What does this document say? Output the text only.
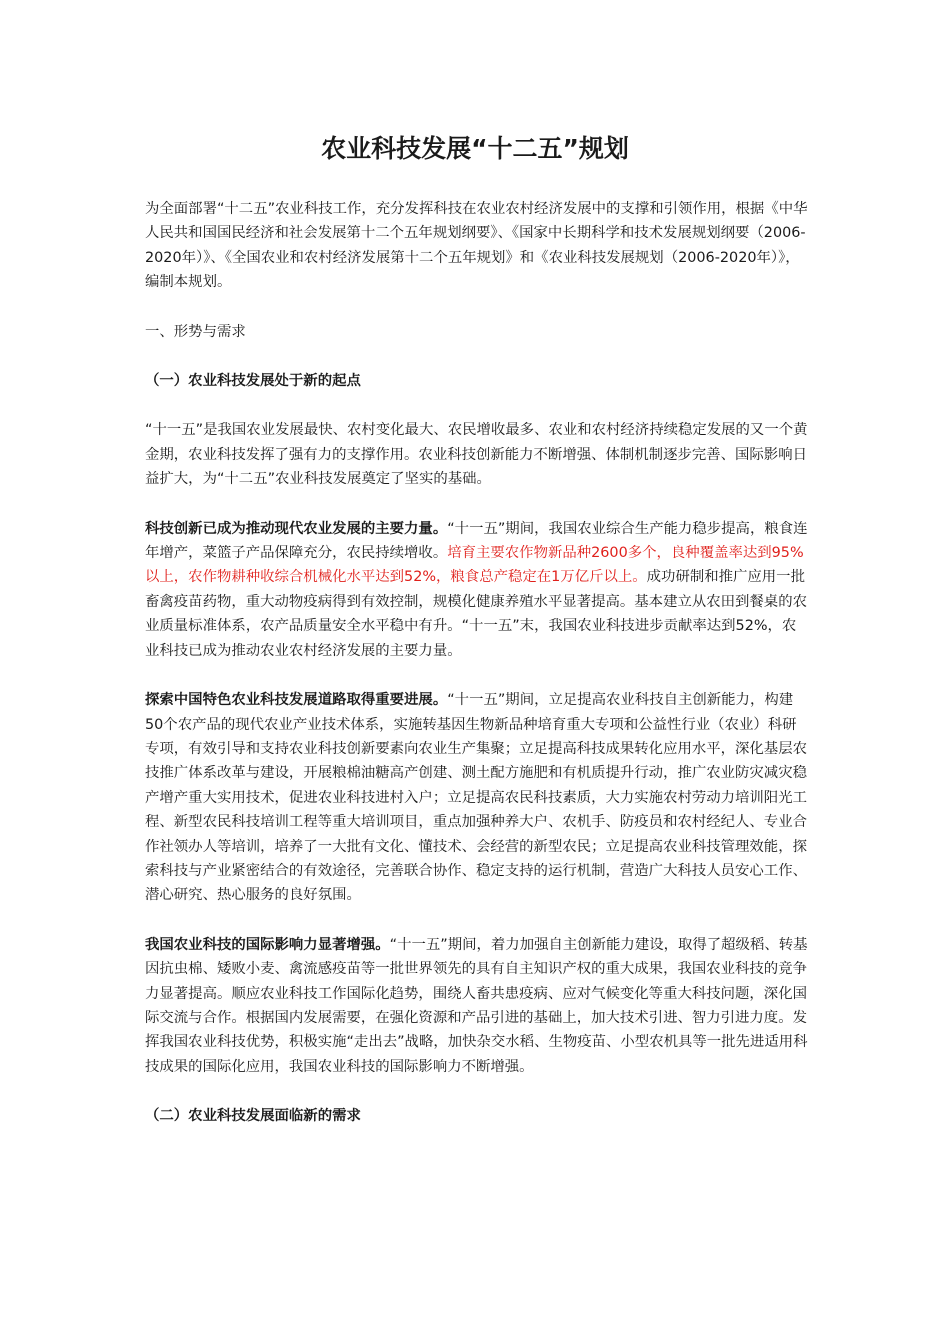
农业科技发展“十二五”规划

为全面部署“十二五”农业科技工作，充分发挥科技在农业农村经济发展中的支撑和引领作用，根据《中华人民共和国国民经济和社会发展第十二个五年规划纲要》、《国家中长期科学和技术发展规划纲要（2006-2020年）》、《全国农业和农村经济发展第十二个五年规划》和《农业科技发展规划（2006-2020年）》，编制本规划。

一、形势与需求

（一）农业科技发展处于新的起点

“十一五”是我国农业发展最快、农村变化最大、农民增收最多、农业和农村经济持续稳定发展的又一个黄金期，农业科技发挥了强有力的支撑作用。农业科技创新能力不断增强、体制机制逐步完善、国际影响日益扩大，为“十二五”农业科技发展奠定了坚实的基础。

科技创新已成为推动现代农业发展的主要力量。“十一五”期间，我国农业综合生产能力稳步提高，粮食连年增产，菜篮子产品保障充分，农民持续增收。培育主要农作物新品种2600多个，良种覆盖率达到95%以上，农作物耕种收综合机械化水平达到52%，粮食总产稳定在1万亿斤以上。成功研制和推广应用一批畜禽疫苗药物，重大动物疫病得到有效控制，规模化健康养殖水平显著提高。基本建立从农田到餐桌的农业质量标准体系，农产品质量安全水平稳中有升。“十一五”末，我国农业科技进步贡献率达到52%，农业科技已成为推动农业农村经济发展的主要力量。

探索中国特色农业科技发展道路取得重要进展。“十一五”期间，立足提高农业科技自主创新能力，构建50个农产品的现代农业产业技术体系，实施转基因生物新品种培育重大专项和公益性行业（农业）科研专项，有效引导和支持农业科技创新要素向农业生产集聚；立足提高科技成果转化应用水平，深化基层农技推广体系改革与建设，开展粮棉油糖高产创建、测土配方施肥和有机质提升行动，推广农业防灾减灾稳产增产重大实用技术，促进农业科技进村入户；立足提高农民科技素质，大力实施农村劳动力培训阳光工程、新型农民科技培训工程等重大培训项目，重点加强种养大户、农机手、防疫员和农村经纪人、专业合作社领办人等培训，培养了一大批有文化、懂技术、会经营的新型农民；立足提高农业科技管理效能，探索科技与产业紧密结合的有效途径，完善联合协作、稳定支持的运行机制，营造广大科技人员安心工作、潜心研究、热心服务的良好氛围。

我国农业科技的国际影响力显著增强。“十一五”期间，着力加强自主创新能力建设，取得了超级稻、转基因抗虫棉、矮败小麦、禽流感疫苗等一批世界领先的具有自主知识产权的重大成果，我国农业科技的竞争力显著提高。顺应农业科技工作国际化趋势，围绕人畜共患疫病、应对气候变化等重大科技问题，深化国际交流与合作。根据国内发展需要，在强化资源和产品引进的基础上，加大技术引进、智力引进力度。发挥我国农业科技优势，积极实施“走出去”战略，加快杂交水稻、生物疫苗、小型农机具等一批先进适用科技成果的国际化应用，我国农业科技的国际影响力不断增强。

（二）农业科技发展面临新的需求
